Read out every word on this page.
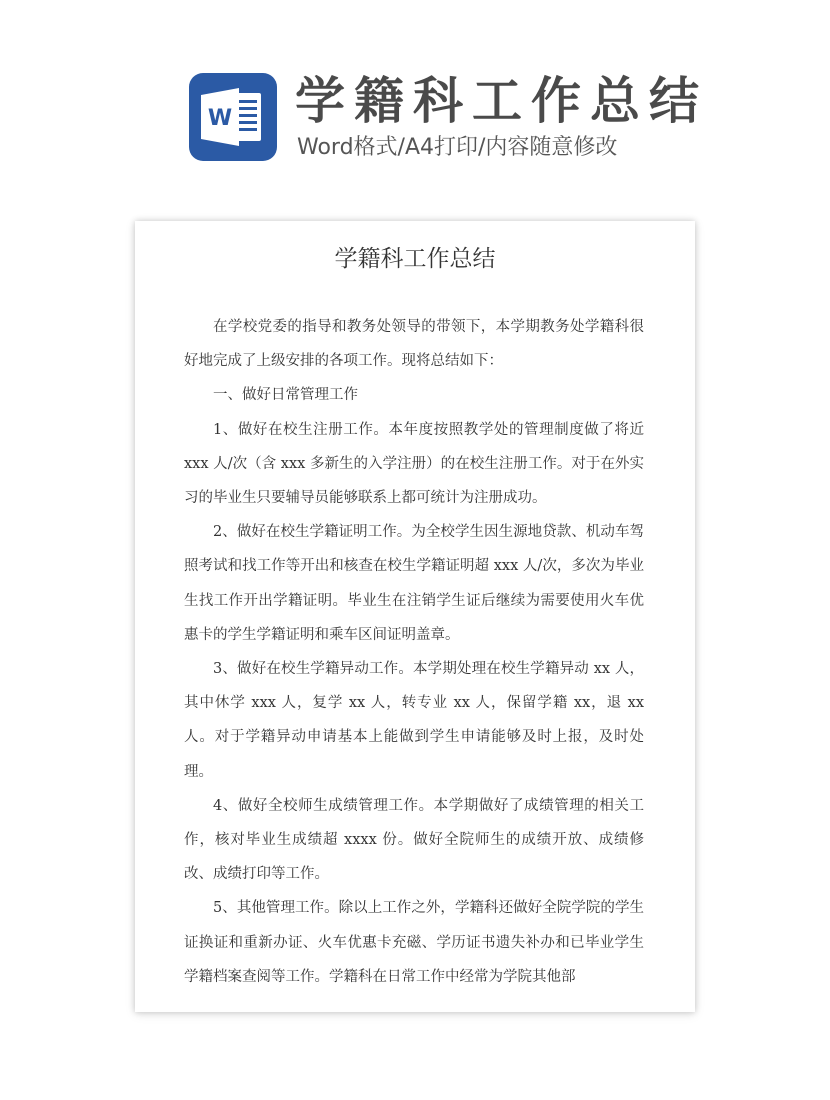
W 学籍科工作总结
Word格式/A4打印/内容随意修改
学籍科工作总结

在学校党委的指导和教务处领导的带领下，本学期教务处学籍科很好地完成了上级安排的各项工作。现将总结如下：

一、做好日常管理工作

1、做好在校生注册工作。本年度按照教学处的管理制度做了将近 xxx 人/次（含 xxx 多新生的入学注册）的在校生注册工作。对于在外实习的毕业生只要辅导员能够联系上都可统计为注册成功。

2、做好在校生学籍证明工作。为全校学生因生源地贷款、机动车驾照考试和找工作等开出和核查在校生学籍证明超 xxx 人/次，多次为毕业生找工作开出学籍证明。毕业生在注销学生证后继续为需要使用火车优惠卡的学生学籍证明和乘车区间证明盖章。

3、做好在校生学籍异动工作。本学期处理在校生学籍异动 xx 人，其中休学 xxx 人，复学 xx 人，转专业 xx 人，保留学籍 xx，退 xx 人。对于学籍异动申请基本上能做到学生申请能够及时上报，及时处理。

4、做好全校师生成绩管理工作。本学期做好了成绩管理的相关工作，核对毕业生成绩超 xxxx 份。做好全院师生的成绩开放、成绩修改、成绩打印等工作。

5、其他管理工作。除以上工作之外，学籍科还做好全院学院的学生证换证和重新办证、火车优惠卡充磁、学历证书遗失补办和已毕业学生学籍档案查阅等工作。学籍科在日常工作中经常为学院其他部
